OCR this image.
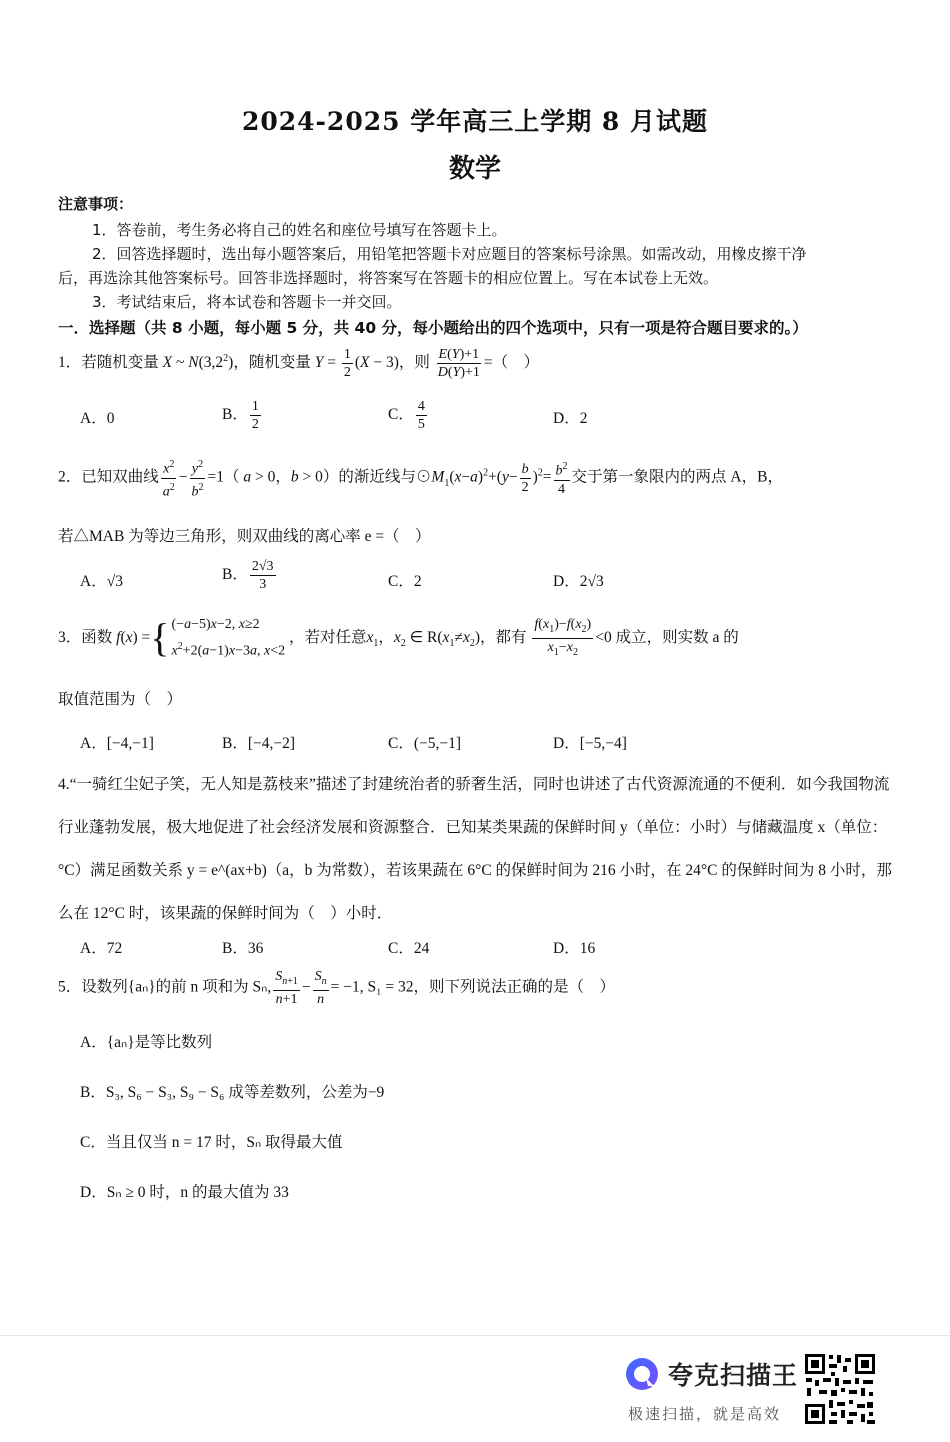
2024-2025 学年高三上学期 8 月试题
数学
注意事项：
1．答卷前，考生务必将自己的姓名和座位号填写在答题卡上。
2．回答选择题时，选出每小题答案后，用铅笔把答题卡对应题目的答案标号涂黑。如需改动，用橡皮擦干净
后，再选涂其他答案标号。回答非选择题时，将答案写在答题卡的相应位置上。写在本试卷上无效。
3．考试结束后，将本试卷和答题卡一并交回。
一．选择题（共 8 小题，每小题 5 分，共 40 分，每小题给出的四个选项中，只有一项是符合题目要求的。）
1．若随机变量 X ~ $N(3,2^2)$，随机变量 $Y = \frac{1}{2} (X - 3)$，则 $\frac{E(Y)+1}{D(Y)+1}$ =（　）
A．0	B． $\frac{1}{2}$	C． $\frac{4}{5}$	D．2
2．已知双曲线 $\frac{x^2}{a^2} - \frac{y^2}{b^2} =1$（ a > 0，b > 0）的渐近线与$⊙M_1(x-a)^2+(y- \frac{b}{2} )^2= \frac{b^2}{4}$ 交于第一象限内的两点 A，B，
若△MAB 为等边三角形，则双曲线的离心率 e =（　）
A．√3	B． $\frac{2√3}{3}$	C．2	D．2√3
3．函数 f ( x ) = { (−a−5)x−2, x≥2
$x^2+2(a-1)x-3a$, x<2
，若对任意$x_1$，$x_2$ ∈ $R(x_1\ne x_2)$，都有 $\frac{f(x_1)-f(x_2)}{x_1-x_2} <0$ 成立，则实数 a 的
取值范围为（　）
A．[−4,−1]	B．[−4,−2]	C．(−5,−1]	D．[−5,−4]
4.“一骑红尘妃子笑，无人知是荔枝来”描述了封建统治者的骄奢生活，同时也讲述了古代资源流通的不便利．如今我国物流行业蓬勃发展，极大地促进了社会经济发展和资源整合．已知某类果蔬的保鲜时间 y（单位：小时）与储藏温度 x（单位：°C）满足函数关系 y = e^(ax+b)（a，b 为常数），若该果蔬在 6°C 的保鲜时间为 216 小时，在 24°C 的保鲜时间为 8 小时，那么在 12°C 时，该果蔬的保鲜时间为（　）小时．
A．72	B．36	C．24	D．16
5．设数列{aₙ}的前 n 项和为 Sₙ, $\frac{S_{n+1}}{n+1} - \frac{S_n}{n} = -1$, S₁ = 32，则下列说法正确的是（　）
A．{aₙ}是等比数列
B．S₃, S₆ − S₃, S₉ − S₆ 成等差数列，公差为−9
C．当且仅当 n = 17 时，Sₙ 取得最大值
D．Sₙ ≥ 0 时，n 的最大值为 33
夸克扫描王
极速扫描，就是高效
